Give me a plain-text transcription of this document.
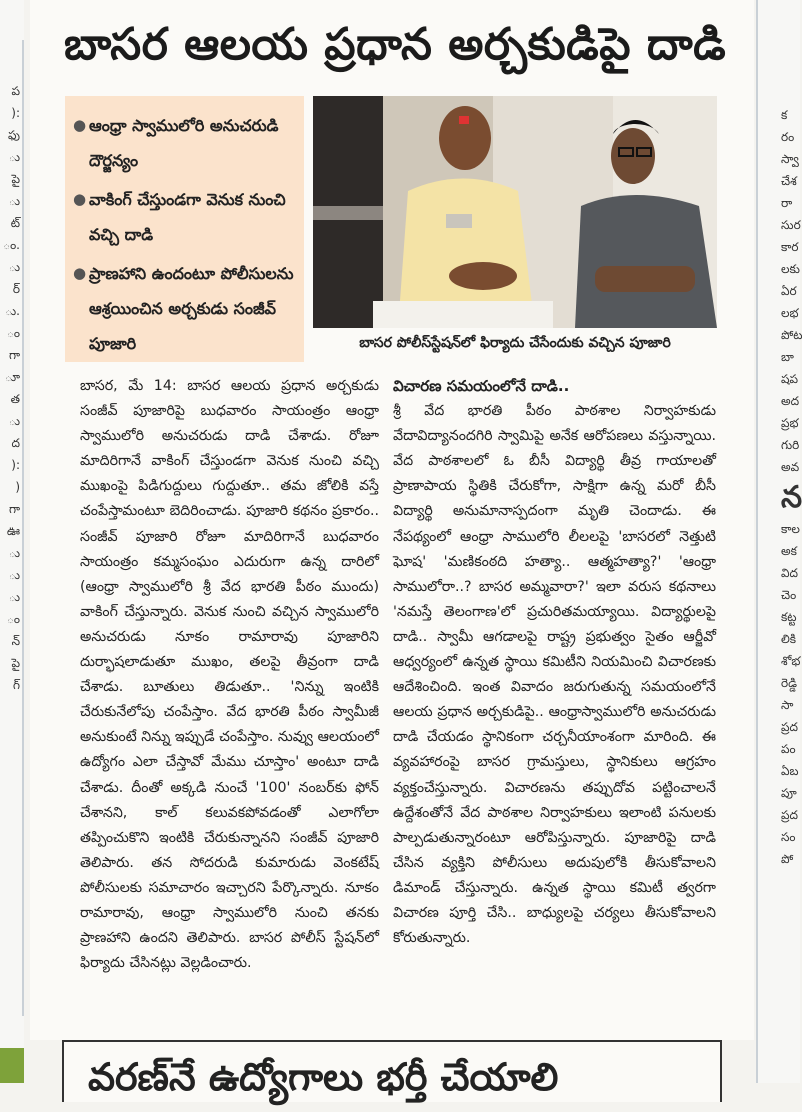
ప
):
ఫు
ు
పై
ు
ట్
ం.
ు
ర్
ు.
ం
గా
ూ
త
ు
ద
):
)
గా
ఊ
ు
ు
ు
ం
న్
పై
గ్
క
రం
స్వా
చేశ
రా
సుర
కార
లకు
ఏర
లభ
పోట
బా
షప
అద
ప్రభ
గురి
అవ
న
కాల
అక
విద
చెం
కట్ట
లికి
శోభ
రెడ్డి
సా
ప్రద
పం
ఏబ
పూ
ప్రద
సం
పో
బాసర ఆలయ ప్రధాన అర్చకుడిపై దాడి
● ఆంధ్రా స్వాములోరి అనుచరుడి దౌర్జన్యం
● వాకింగ్ చేస్తుండగా వెనుక నుంచి వచ్చి దాడి
● ప్రాణహాని ఉందంటూ పోలీసులను ఆశ్రయించిన అర్చకుడు సంజీవ్ పూజారి	బాసర పోలీస్‌స్టేషన్‌లో ఫిర్యాదు చేసేందుకు వచ్చిన పూజారి
బాసర, మే 14: బాసర ఆలయ ప్రధాన అర్చకుడు సంజీవ్ పూజారిపై బుధవారం సాయంత్రం ఆంధ్రా స్వాములోరి అనుచరుడు దాడి చేశాడు. రోజూ మాదిరిగానే వాకింగ్ చేస్తుండగా వెనుక నుంచి వచ్చి ముఖంపై పిడిగుద్దులు గుద్దుతూ.. తమ జోలికి వస్తే చంపేస్తామంటూ బెదిరించాడు. పూజారి కథనం ప్రకారం.. సంజీవ్ పూజారి రోజూ మాదిరిగానే బుధవారం సాయంత్రం కమ్మసంఘం ఎదురుగా ఉన్న దారిలో (ఆంధ్రా స్వాములోరి శ్రీ వేద భారతి పీఠం ముందు) వాకింగ్ చేస్తున్నారు. వెనుక నుంచి వచ్చిన స్వాములోరి అనుచరుడు నూకం రామారావు పూజారిని దుర్భాషలాడుతూ ముఖం, తలపై తీవ్రంగా దాడి చేశాడు. బూతులు తిడుతూ.. 'నిన్ను ఇంటికి చేరుకునేలోపు చంపేస్తాం. వేద భారతి పీఠం స్వామీజీ అనుకుంటే నిన్ను ఇప్పుడే చంపేస్తాం. నువ్వు ఆలయంలో ఉద్యోగం ఎలా చేస్తావో మేము చూస్తాం' అంటూ దాడి చేశాడు. దీంతో అక్కడి నుంచే '100' నంబర్‌కు ఫోన్ చేశానని, కాల్ కలువకపోవడంతో ఎలాగోలా తప్పించుకొని ఇంటికి చేరుకున్నానని సంజీవ్ పూజారి తెలిపారు. తన సోదరుడి కుమారుడు వెంకటేష్ పోలీసులకు సమాచారం ఇచ్చారని పేర్కొన్నారు. నూకం రామారావు, ఆంధ్రా స్వాములోరి నుంచి తనకు ప్రాణహాని ఉందని తెలిపారు. బాసర పోలీస్ స్టేషన్‌లో ఫిర్యాదు చేసినట్లు వెల్లడించారు.
విచారణ సమయంలోనే దాడి..
శ్రీ వేద భారతి పీఠం పాఠశాల నిర్వాహకుడు వేదావిద్యానందగిరి స్వామిపై అనేక ఆరోపణలు వస్తున్నాయి. వేద పాఠశాలలో ఓ బీసీ విద్యార్థి తీవ్ర గాయాలతో ప్రాణాపాయ స్థితికి చేరుకోగా, సాక్షిగా ఉన్న మరో బీసీ విద్యార్థి అనుమానాస్పదంగా మృతి చెందాడు. ఈ నేపథ్యంలో ఆంధ్రా సాములోరి లీలలపై 'బాసరలో నెత్తుటి ఘోష' 'మణికంఠది హత్యా.. ఆత్మహత్యా?' 'ఆంధ్రా సాములోరా..? బాసర అమ్మవారా?' ఇలా వరుస కథనాలు 'నమస్తే తెలంగాణ'లో ప్రచురితమయ్యాయి. విద్యార్థులపై దాడి.. స్వామీ ఆగడాలపై రాష్ట్ర ప్రభుత్వం సైతం ఆర్జీవో ఆధ్వర్యంలో ఉన్నత స్థాయి కమిటీని నియమించి విచారణకు ఆదేశించింది. ఇంత వివాదం జరుగుతున్న సమయంలోనే ఆలయ ప్రధాన అర్చకుడిపై.. ఆంధ్రాస్వాములోరి అనుచరుడు దాడి చేయడం స్థానికంగా చర్చనీయాంశంగా మారింది. ఈ వ్యవహారంపై బాసర గ్రామస్తులు, స్థానికులు ఆగ్రహం వ్యక్తంచేస్తున్నారు. విచారణను తప్పుదోవ పట్టించాలనే ఉద్దేశంతోనే వేద పాఠశాల నిర్వాహకులు ఇలాంటి పనులకు పాల్పడుతున్నారంటూ ఆరోపిస్తున్నారు. పూజారిపై దాడి చేసిన వ్యక్తిని పోలీసులు అదుపులోకి తీసుకోవాలని డిమాండ్ చేస్తున్నారు. ఉన్నత స్థాయి కమిటీ త్వరగా విచారణ పూర్తి చేసి.. బాధ్యులపై చర్యలు తీసుకోవాలని కోరుతున్నారు.
వరణ్‌నే ఉద్యోగాలు భర్తీ చేయాలి
